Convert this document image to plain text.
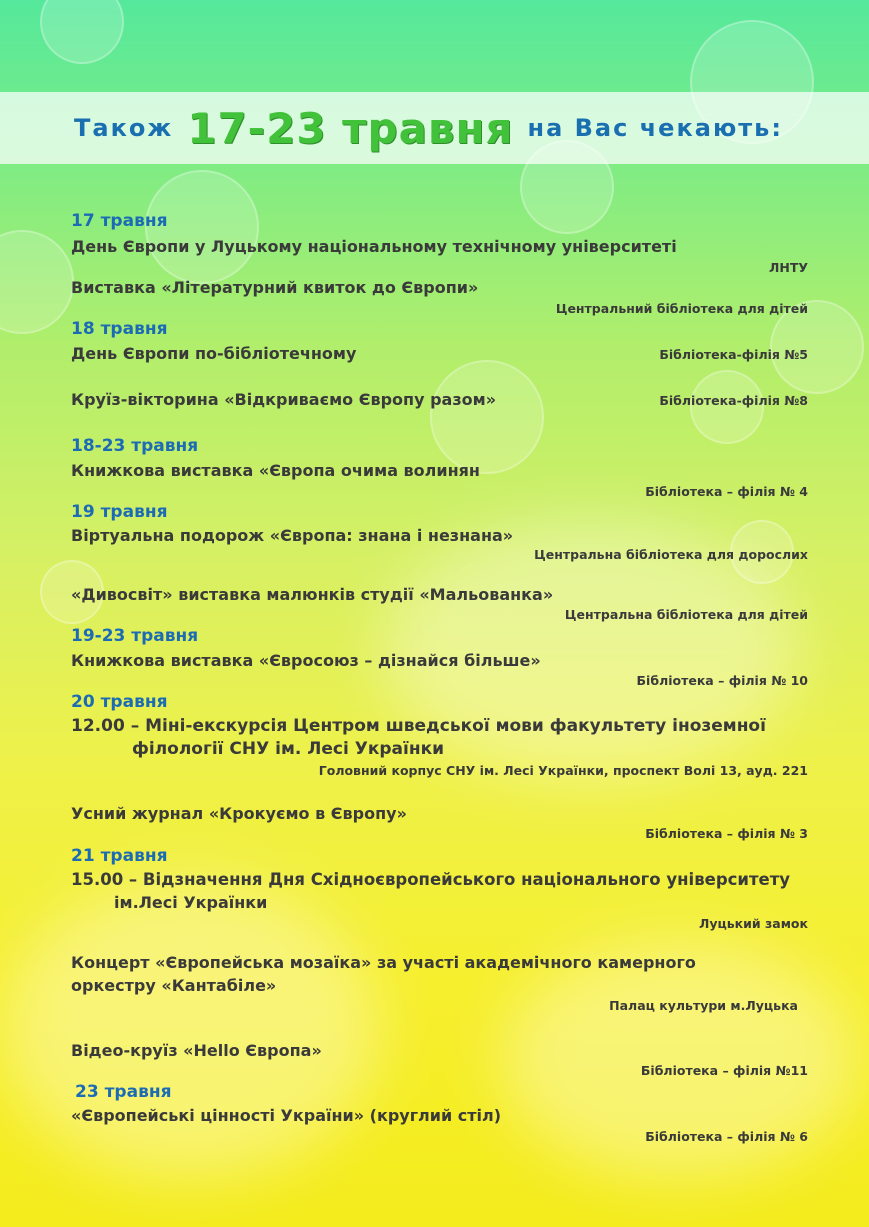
Також 17-23 травня на Вас чекають:
17 травня
День Європи у Луцькому національному технічному університеті
ЛНТУ
Виставка «Літературний квиток до Європи»
Центральний бібліотека для дітей
18 травня
День Європи по-бібліотечному	Бібліотека-філія №5
Круїз-вікторина «Відкриваємо Європу разом»	Бібліотека-філія №8
18-23 травня
Книжкова виставка «Європа очима волинян
Бібліотека – філія № 4
19 травня
Віртуальна подорож «Європа: знана і незнана»
Центральна бібліотека для дорослих
«Дивосвіт» виставка малюнків студії «Мальованка»
Центральна бібліотека для дітей
19-23 травня
Книжкова виставка «Євросоюз – дізнайся більше»
Бібліотека – філія № 10
20 травня
12.00 – Міні-екскурсія Центром шведської мови факультету іноземної
філології СНУ ім. Лесі Українки
Головний корпус СНУ ім. Лесі Українки, проспект Волі 13, ауд. 221
Усний журнал «Крокуємо в Європу»
Бібліотека – філія № 3
21 травня
15.00 – Відзначення Дня Східноєвропейського національного університету
ім.Лесі Українки
Луцький замок
Концерт «Європейська мозаїка» за участі академічного камерного
оркестру «Кантабіле»
Палац культури м.Луцька
Відео-круїз «Hello Європа»
Бібліотека – філія №11
23 травня
«Європейські цінності України» (круглий стіл)
Бібліотека – філія № 6
